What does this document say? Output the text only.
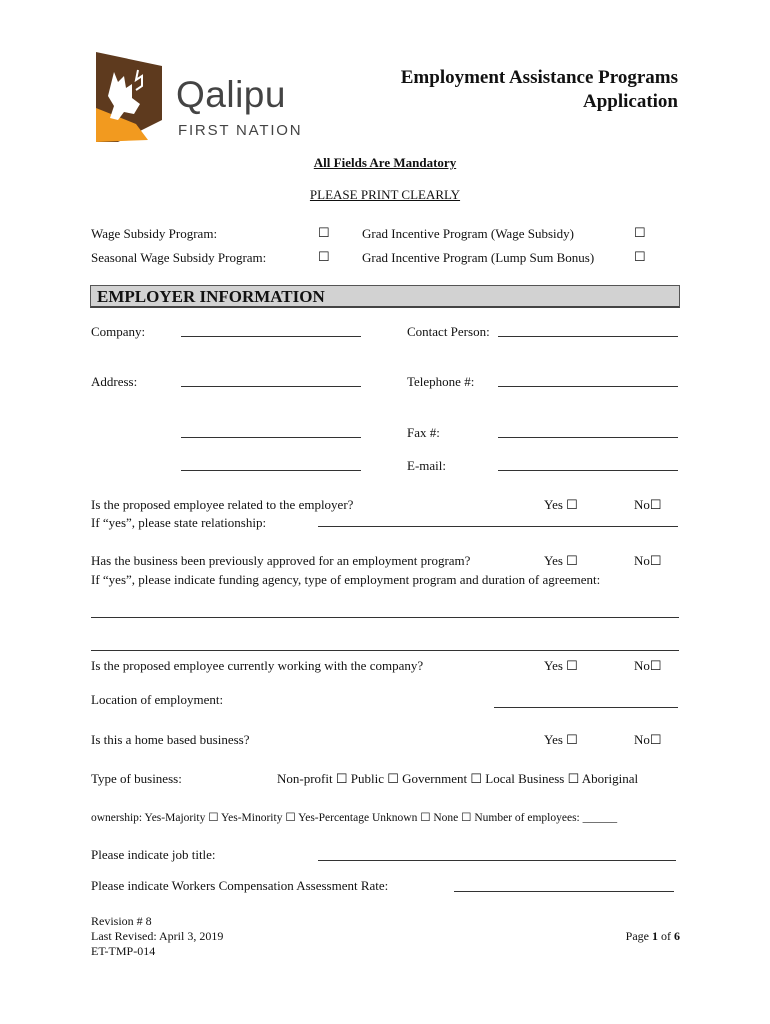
Qalipu
FIRST NATION
Employment Assistance Programs
Application
All Fields Are Mandatory
PLEASE PRINT CLEARLY
Wage Subsidy Program:	☐ Grad Incentive Program (Wage Subsidy)	☐
Seasonal Wage Subsidy Program:	☐ Grad Incentive Program (Lump Sum Bonus)	☐
EMPLOYER INFORMATION
Company:	Contact Person:
Address:	Telephone #:
Fax #:
E-mail:
Is the proposed employee related to the employer?	Yes ☐	No☐
If “yes”, please state relationship:
Has the business been previously approved for an employment program?	Yes ☐	No☐
If “yes”, please indicate funding agency, type of employment program and duration of agreement:
Is the proposed employee currently working with the company?	Yes ☐	No☐
Location of employment:
Is this a home based business?	Yes ☐	No☐
Type of business:	Non-profit ☐ Public ☐ Government ☐ Local Business ☐ Aboriginal
ownership: Yes-Majority ☐ Yes-Minority ☐ Yes-Percentage Unknown ☐ None ☐ Number of employees: ______
Please indicate job title:
Please indicate Workers Compensation Assessment Rate:
Revision # 8
Last Revised: April 3, 2019
ET-TMP-014
Page 1 of 6
